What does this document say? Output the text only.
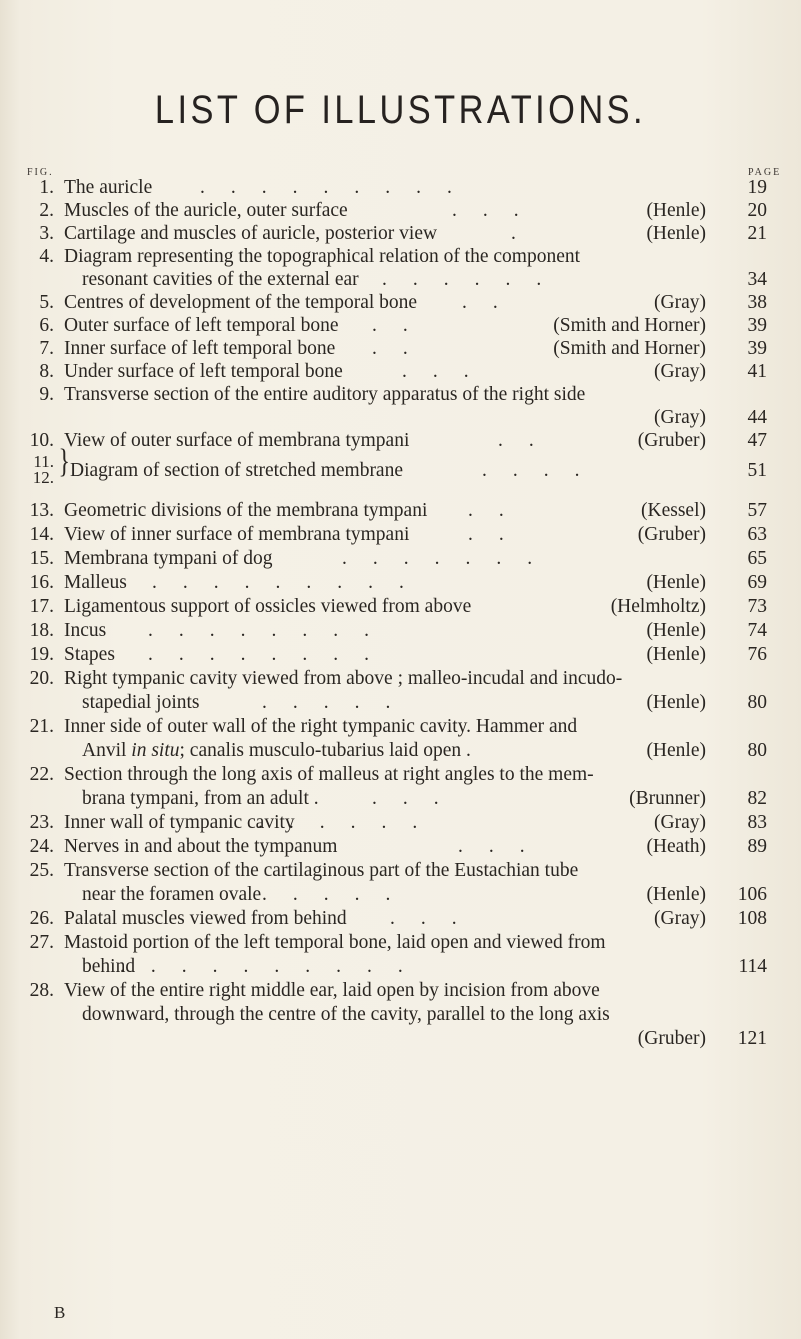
LIST OF ILLUSTRATIONS.
FIG.	PAGE
1. The auricle .........	19
2. Muscles of the auricle, outer surface	...	(Henle)	20
3. Cartilage and muscles of auricle, posterior view	.	(Henle)	21
4. Diagram representing the topographical relation of the component
resonant cavities of the external ear ......	34
5. Centres of development of the temporal bone ..	(Gray)	38
6. Outer surface of left temporal bone ..	(Smith and Horner)	39
7. Inner surface of left temporal bone ..	(Smith and Horner)	39
8. Under surface of left temporal bone	...	(Gray)	41
9. Transverse section of the entire auditory apparatus of the right side
(Gray)	44
10. View of outer surface of membrana tympani	..	(Gruber)	47
11.
12. } Diagram of section of stretched membrane	....	51
13. Geometric divisions of the membrana tympani ..	(Kessel)	57
14. View of inner surface of membrana tympani	..	(Gruber)	63
15. Membrana tympani of dog	.......	65
16. Malleus .........	(Henle)	69
17. Ligamentous support of ossicles viewed from above	(Helmholtz)	73
18. Incus ........	(Henle)	74
19. Stapes ........	(Henle)	76
20. Right tympanic cavity viewed from above ; malleo-incudal and incudo-
stapedial joints	.....	(Henle)	80
21. Inner side of outer wall of the right tympanic cavity. Hammer and
Anvil in situ; canalis musculo-tubarius laid open .	(Henle)	80
22. Section through the long axis of malleus at right angles to the mem-
brana tympani, from an adult .	...	(Brunner)	82
23. Inner wall of tympanic cavity
......	(Gray)	83
24. Nerves in and about the tympanum	...	(Heath)	89
25. Transverse section of the cartilaginous part of the Eustachian tube
near the foramen ovale .....	(Henle)	106
26. Palatal muscles viewed from behind ...	(Gray)	108
27. Mastoid portion of the left temporal bone, laid open and viewed from
behind
..........	114
28. View of the entire right middle ear, laid open by incision from above
downward, through the centre of the cavity, parallel to the long axis
(Gruber)	121
B
